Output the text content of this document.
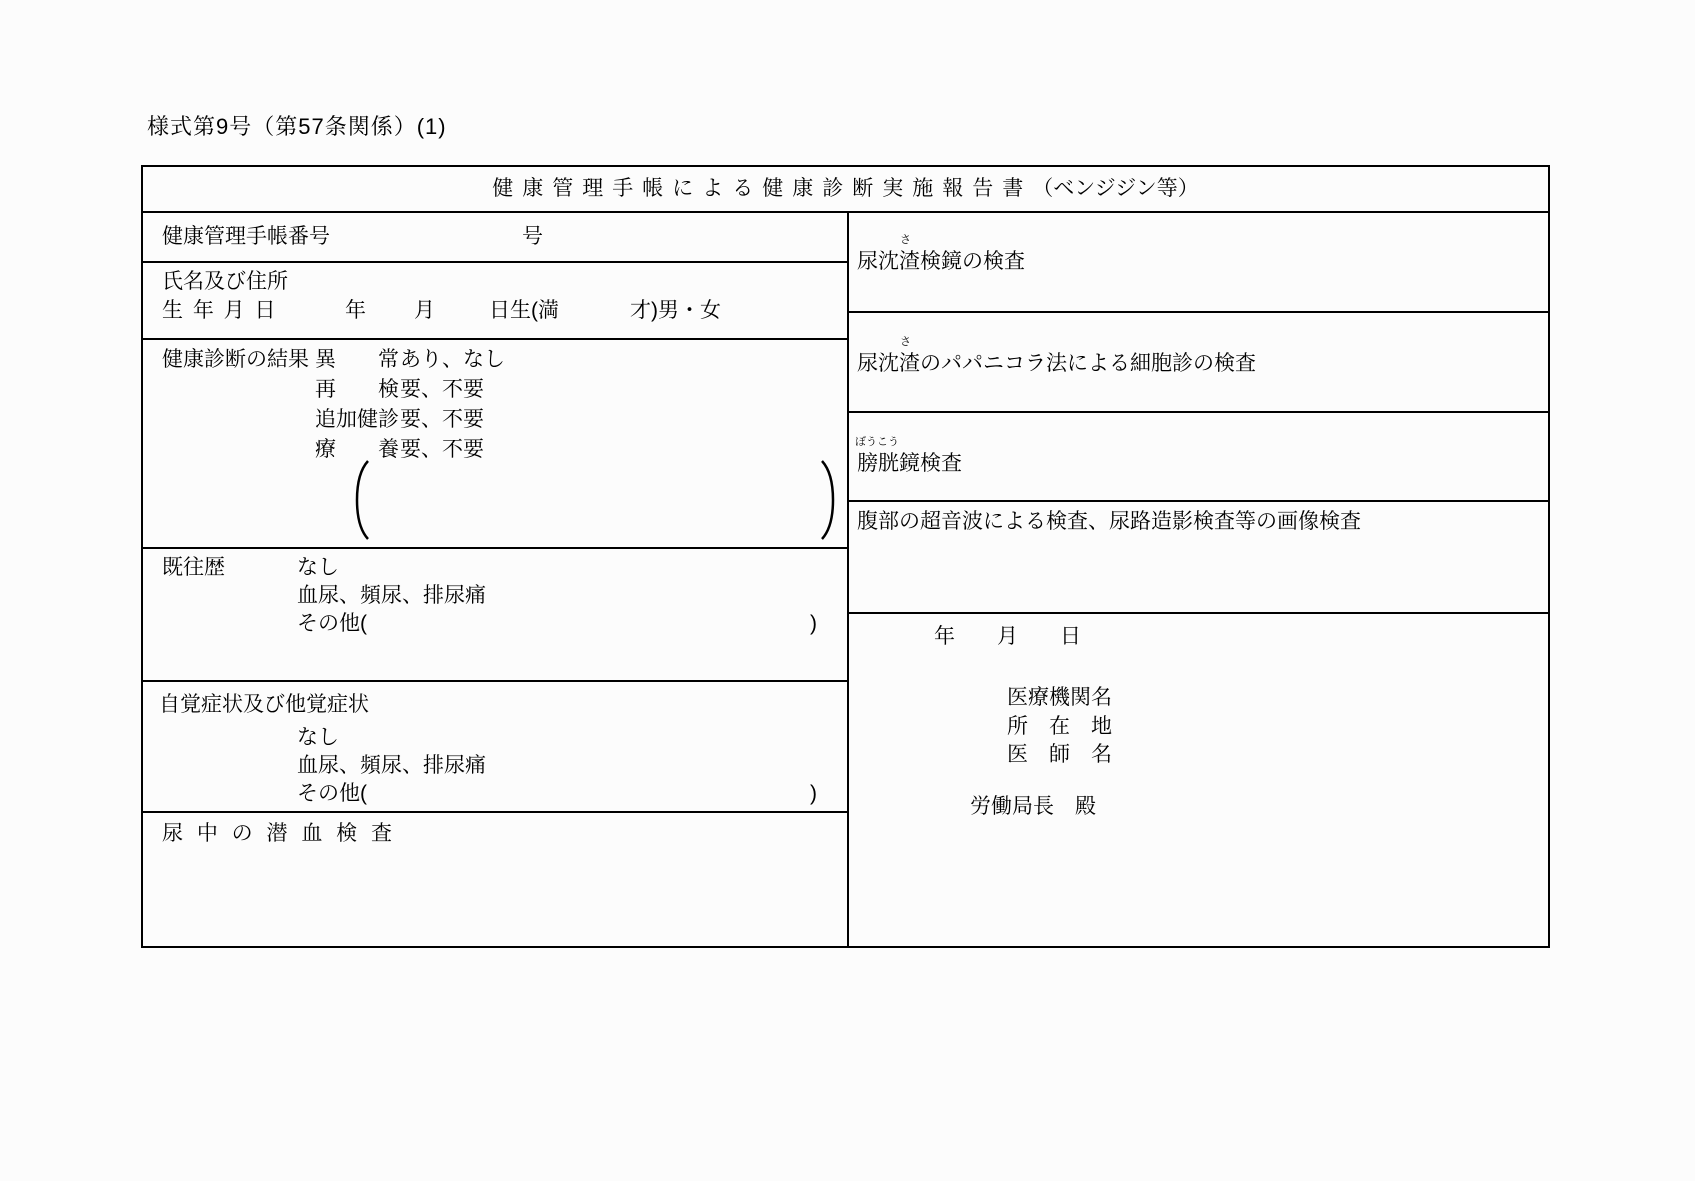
様式第9号（第57条関係）(1)
健康管理手帳による健康診断実施報告書 （ベンジジン等）
健康管理手帳番号	号
氏名及び住所
生 年 月 日	年 月	日生(満	才)男・女
健康診断の結果 異　　常 あり、なし
再　　検 要、不要
追加健診 要、不要
療　　養 要、不要
既往歴	なし
血尿、頻尿、排尿痛
その他(	)
自覚症状及び他覚症状
なし
血尿、頻尿、排尿痛
その他(	)
尿 中 の 潜 血 検 査
さ
尿沈渣検鏡の検査
さ
尿沈渣のパパニコラ法による細胞診の検査
ぼうこう
膀胱鏡検査
腹部の超音波による検査、尿路造影検査等の画像検査
年　　月　　日
医療機関名
所　在　地
医　師　名
労働局長　殿
